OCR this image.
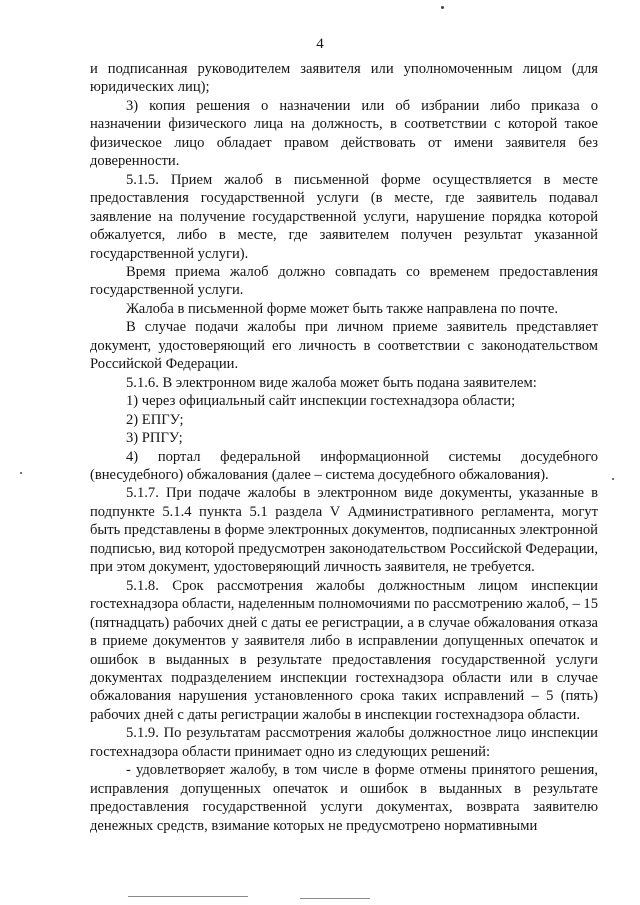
4

и подписанная руководителем заявителя или уполномоченным лицом (для юридических лиц);

3) копия решения о назначении или об избрании либо приказа о назначении физического лица на должность, в соответствии с которой такое физическое лицо обладает правом действовать от имени заявителя без доверенности.

5.1.5. Прием жалоб в письменной форме осуществляется в месте предоставления государственной услуги (в месте, где заявитель подавал заявление на получение государственной услуги, нарушение порядка которой обжалуется, либо в месте, где заявителем получен результат указанной государственной услуги).

Время приема жалоб должно совпадать со временем предоставления государственной услуги.

Жалоба в письменной форме может быть также направлена по почте.

В случае подачи жалобы при личном приеме заявитель представляет документ, удостоверяющий его личность в соответствии с законодательством Российской Федерации.

5.1.6. В электронном виде жалоба может быть подана заявителем:

1) через официальный сайт инспекции гостехнадзора области;

2) ЕПГУ;

3) РПГУ;

4) портал федеральной информационной системы досудебного (внесудебного) обжалования (далее – система досудебного обжалования).

5.1.7. При подаче жалобы в электронном виде документы, указанные в подпункте 5.1.4 пункта 5.1 раздела V Административного регламента, могут быть представлены в форме электронных документов, подписанных электронной подписью, вид которой предусмотрен законодательством Российской Федерации, при этом документ, удостоверяющий личность заявителя, не требуется.

5.1.8. Срок рассмотрения жалобы должностным лицом инспекции гостехнадзора области, наделенным полномочиями по рассмотрению жалоб, – 15 (пятнадцать) рабочих дней с даты ее регистрации, а в случае обжалования отказа в приеме документов у заявителя либо в исправлении допущенных опечаток и ошибок в выданных в результате предоставления государственной услуги документах подразделением инспекции гостехнадзора области или в случае обжалования нарушения установленного срока таких исправлений – 5 (пять) рабочих дней с даты регистрации жалобы в инспекции гостехнадзора области.

5.1.9. По результатам рассмотрения жалобы должностное лицо инспекции гостехнадзора области принимает одно из следующих решений:

- удовлетворяет жалобу, в том числе в форме отмены принятого решения, исправления допущенных опечаток и ошибок в выданных в результате предоставления государственной услуги документах, возврата заявителю денежных средств, взимание которых не предусмотрено нормативными
